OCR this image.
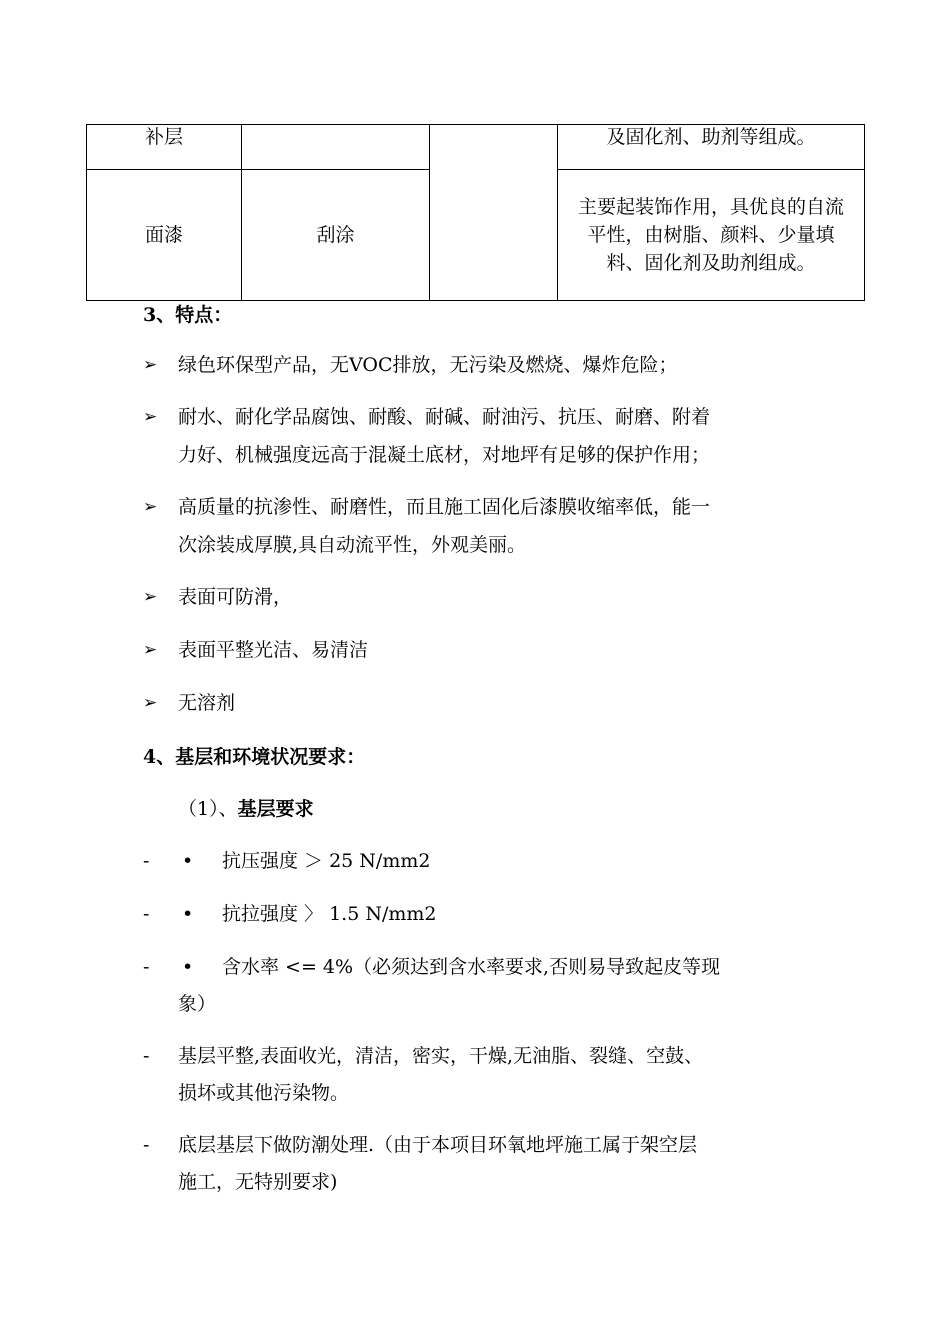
补层			及固化剂、助剂等组成。
面漆	刮涂		主要起装饰作用，具优良的自流平性，由树脂、颜料、少量填料、固化剂及助剂组成。
3、特点：
➢ 绿色环保型产品，无VOC排放，无污染及燃烧、爆炸危险；
➢ 耐水、耐化学品腐蚀、耐酸、耐碱、耐油污、抗压、耐磨、附着
力好、机械强度远高于混凝土底材，对地坪有足够的保护作用；
➢ 高质量的抗渗性、耐磨性，而且施工固化后漆膜收缩率低，能一
次涂装成厚膜,具自动流平性，外观美丽。
➢ 表面可防滑，
➢ 表面平整光洁、易清洁
➢ 无溶剂
4、基层和环境状况要求：
（1）、基层要求
- • 抗压强度 ＞ 25 N/mm2
- • 抗拉强度 〉 1.5 N/mm2
- • 含水率 <= 4%（必须达到含水率要求,否则易导致起皮等现
象）
- 基层平整,表面收光，清洁，密实，干燥,无油脂、裂缝、空鼓、
损坏或其他污染物。
- 底层基层下做防潮处理.（由于本项目环氧地坪施工属于架空层
施工，无特别要求)
